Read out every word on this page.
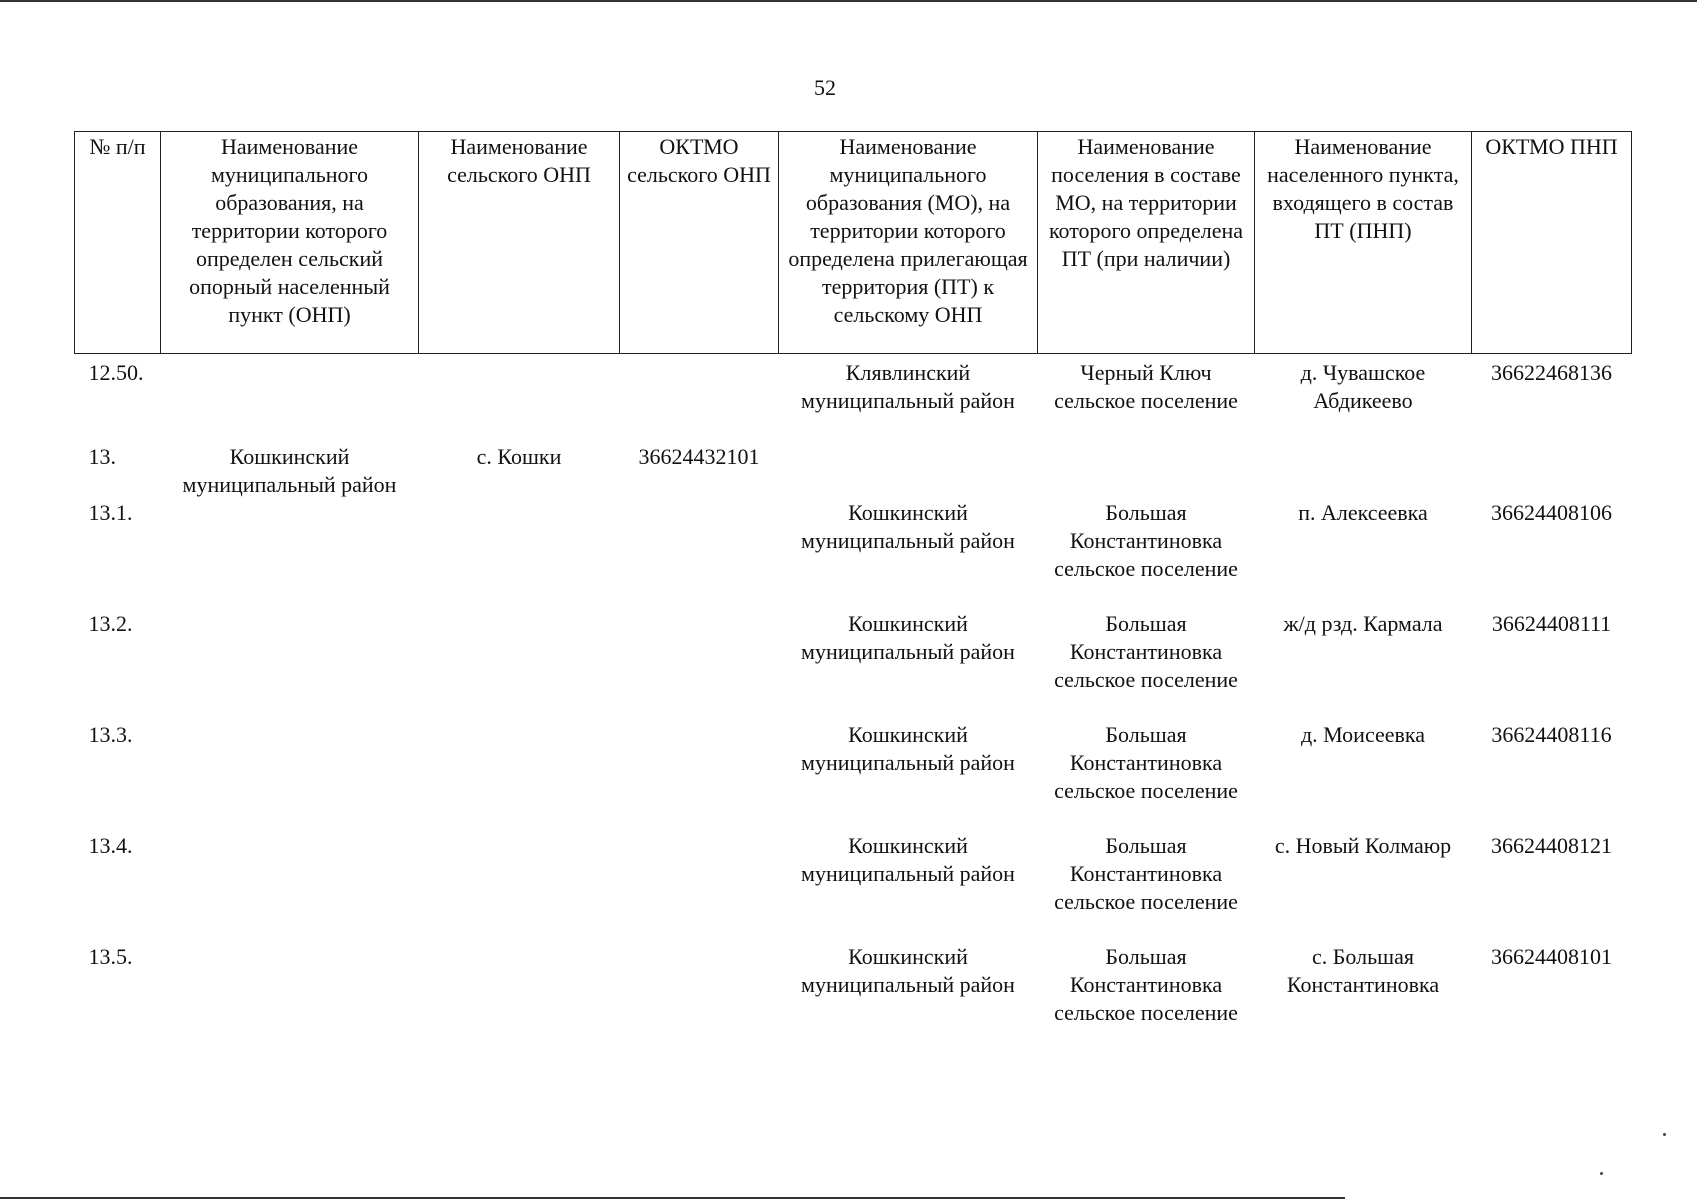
52
№ п/п	Наименование муниципального образования, на территории которого определен сельский опорный населенный пункт (ОНП)	Наименование сельского ОНП	ОКТМО сельского ОНП	Наименование муниципального образования (МО), на территории которого определена прилегающая территория (ПТ) к сельскому ОНП	Наименование поселения в составе МО, на территории которого определена ПТ (при наличии)	Наименование населенного пункта, входящего в состав ПТ (ПНП)	ОКТМО ПНП
12.50.				Клявлинский муниципальный район	Черный Ключ сельское поселение	д. Чувашское Абдикеево	36622468136
13.	Кошкинский муниципальный район	с. Кошки	36624432101				
13.1.				Кошкинский муниципальный район	Большая Константиновка сельское поселение	п. Алексеевка	36624408106
13.2.				Кошкинский муниципальный район	Большая Константиновка сельское поселение	ж/д рзд. Кармала	36624408111
13.3.				Кошкинский муниципальный район	Большая Константиновка сельское поселение	д. Моисеевка	36624408116
13.4.				Кошкинский муниципальный район	Большая Константиновка сельское поселение	с. Новый Колмаюр	36624408121
13.5.				Кошкинский муниципальный район	Большая Константиновка сельское поселение	с. Большая Константиновка	36624408101
